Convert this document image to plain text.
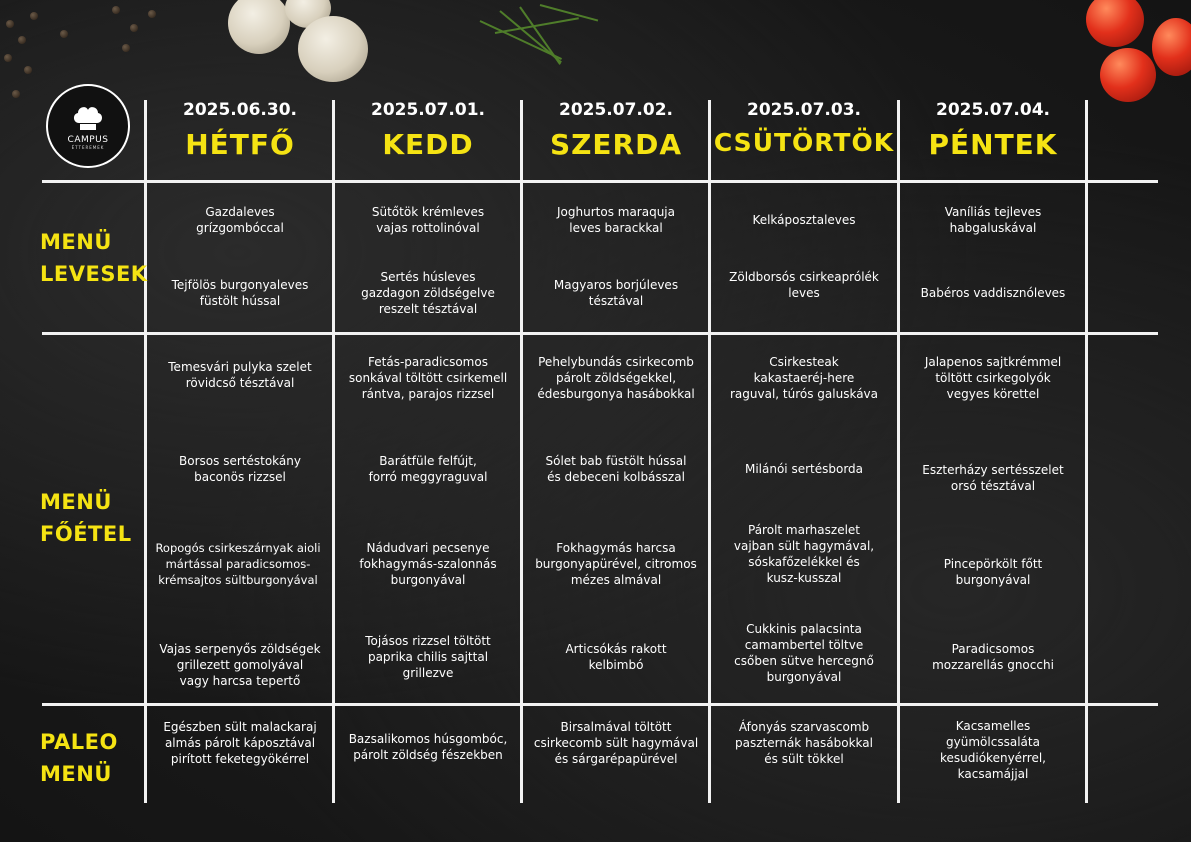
CAMPUS
ÉTTEREMEK
2025.06.30.
HÉTFŐ
2025.07.01.
KEDD
2025.07.02.
SZERDA
2025.07.03.
CSÜTÖRTÖK
2025.07.04.
PÉNTEK
MENÜ
LEVESEK
MENÜ
FŐÉTEL
PALEO
MENÜ
Gazdaleves
grízgombóccal
Tejfölös burgonyaleves
füstölt hússal
Sütőtök krémleves
vajas rottolinóval
Sertés húsleves
gazdagon zöldségelve
reszelt tésztával
Joghurtos maraquja
leves barackkal
Magyaros borjúleves
tésztával
Kelkáposztaleves
Zöldborsós csirkeaprólék
leves
Vaníliás tejleves
habgaluskával
Babéros vaddisznóleves
Temesvári pulyka szelet
rövidcső tésztával
Borsos sertéstokány
baconös rizzsel
Ropogós csirkeszárnyak aioli
mártással paradicsomos-
krémsajtos sültburgonyával
Vajas serpenyős zöldségek
grillezett gomolyával
vagy harcsa tepertő
Fetás-paradicsomos
sonkával töltött csirkemell
rántva, parajos rizzsel
Barátfüle felfújt,
forró meggyraguval
Nádudvari pecsenye
fokhagymás-szalonnás
burgonyával
Tojásos rizzsel töltött
paprika chilis sajttal
grillezve
Pehelybundás csirkecomb
párolt zöldségekkel,
édesburgonya hasábokkal
Sólet bab füstölt hússal
és debeceni kolbásszal
Fokhagymás harcsa
burgonyapürével, citromos
mézes almával
Articsókás rakott
kelbimbó
Csirkesteak
kakastaeréj-here
raguval, túrós galuskáva
Milánói sertésborda
Párolt marhaszelet
vajban sült hagymával,
sóskafőzelékkel és
kusz-kusszal
Cukkinis palacsinta
camambertel töltve
csőben sütve hercegnő
burgonyával
Jalapenos sajtkrémmel
töltött csirkegolyók
vegyes körettel
Eszterházy sertésszelet
orsó tésztával
Pincepörkölt főtt
burgonyával
Paradicsomos
mozzarellás gnocchi
Egészben sült malackaraj
almás párolt káposztával
pirított feketegyökérrel
Bazsalikomos húsgombóc,
párolt zöldség fészekben
Birsalmával töltött
csirkecomb sült hagymával
és sárgarépapürével
Áfonyás szarvascomb
paszternák hasábokkal
és sült tökkel
Kacsamelles
gyümölcssaláta
kesudiókenyérrel,
kacsamájjal
